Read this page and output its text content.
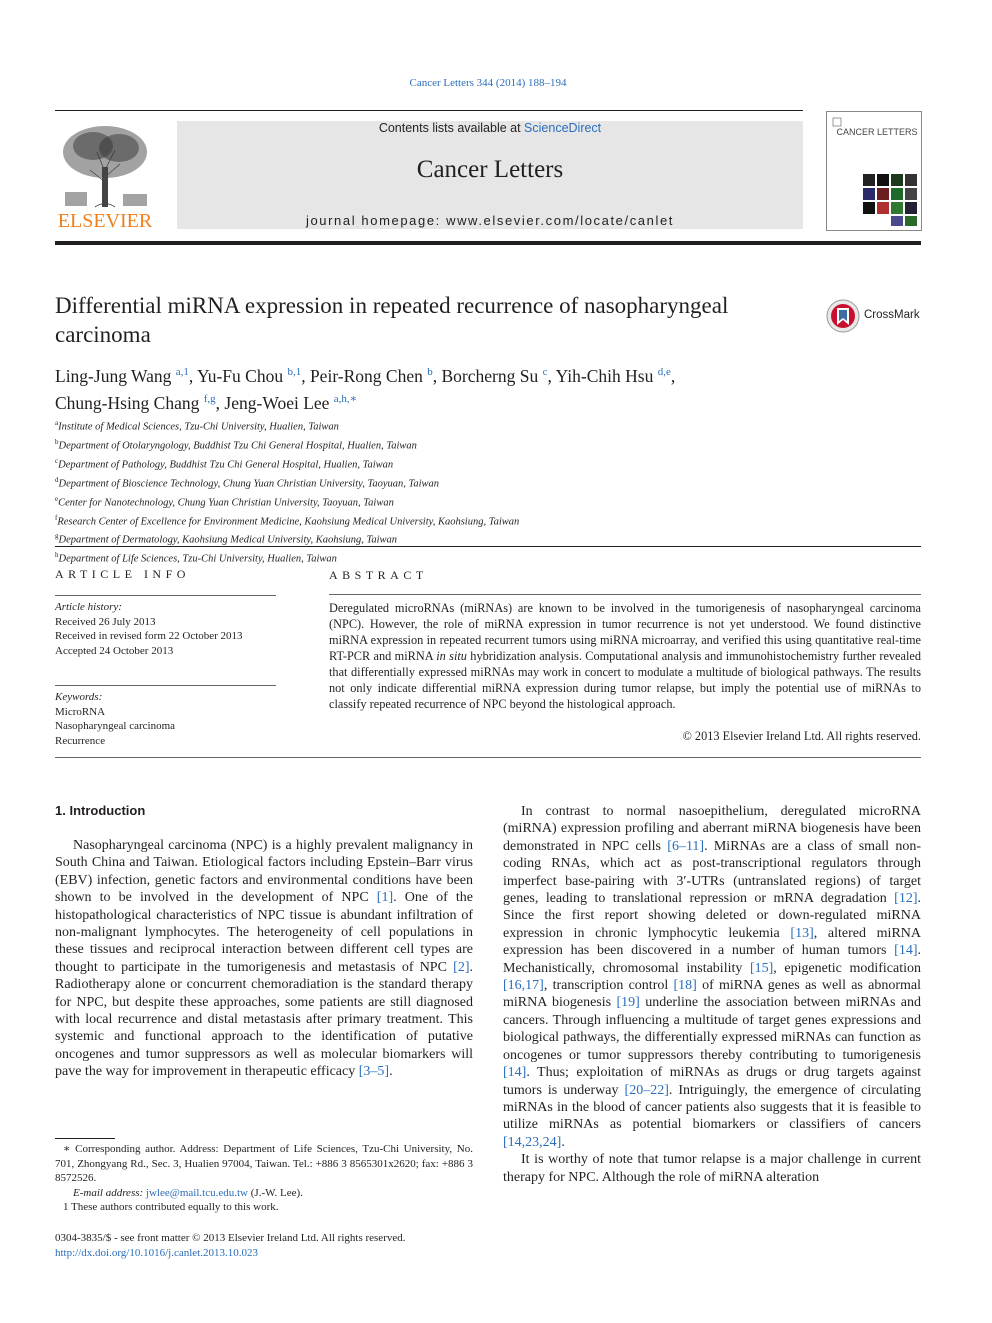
Cancer Letters 344 (2014) 188–194
ELSEVIER
Contents lists available at ScienceDirect
Cancer Letters
journal homepage: www.elsevier.com/locate/canlet
CANCER LETTERS
Differential miRNA expression in repeated recurrence of nasopharyngeal carcinoma
CrossMark
Ling-Jung Wang $^{a,1}$, Yu-Fu Chou $^{b,1}$, Peir-Rong Chen $^b$, Borcherng Su $^c$, Yih-Chih Hsu $^{d,e}$,
Chung-Hsing Chang $^{f,g}$, Jeng-Woei Lee $^{a,h,∗}$
$^a$Institute of Medical Sciences, Tzu-Chi University, Hualien, Taiwan
$^b$Department of Otolaryngology, Buddhist Tzu Chi General Hospital, Hualien, Taiwan
$^c$Department of Pathology, Buddhist Tzu Chi General Hospital, Hualien, Taiwan
$^d$Department of Bioscience Technology, Chung Yuan Christian University, Taoyuan, Taiwan
$^e$Center for Nanotechnology, Chung Yuan Christian University, Taoyuan, Taiwan
$^f$Research Center of Excellence for Environment Medicine, Kaohsiung Medical University, Kaohsiung, Taiwan
$^g$Department of Dermatology, Kaohsiung Medical University, Kaohsiung, Taiwan
$^h$Department of Life Sciences, Tzu-Chi University, Hualien, Taiwan
ARTICLE INFO
Article history:
Received 26 July 2013
Received in revised form 22 October 2013
Accepted 24 October 2013
Keywords:
MicroRNA
Nasopharyngeal carcinoma
Recurrence
ABSTRACT
Deregulated microRNAs (miRNAs) are known to be involved in the tumorigenesis of nasopharyngeal carcinoma (NPC). However, the role of miRNA expression in tumor recurrence is not yet understood. We found distinctive miRNA expression in repeated recurrent tumors using miRNA microarray, and verified this using quantitative real-time RT-PCR and miRNA in situ hybridization analysis. Computational analysis and immunohistochemistry further revealed that differentially expressed miRNAs may work in concert to modulate a multitude of biological pathways. The results not only indicate differential miRNA expression during tumor relapse, but imply the potential use of miRNAs to classify repeated recurrence of NPC beyond the histological approach.
© 2013 Elsevier Ireland Ltd. All rights reserved.
1. Introduction

Nasopharyngeal carcinoma (NPC) is a highly prevalent malignancy in South China and Taiwan. Etiological factors including Epstein–Barr virus (EBV) infection, genetic factors and environmental conditions have been shown to be involved in the development of NPC [1]. One of the histopathological characteristics of NPC tissue is abundant infiltration of non-malignant lymphocytes. The heterogeneity of cell populations in these tissues and reciprocal interaction between different cell types are thought to participate in the tumorigenesis and metastasis of NPC [2]. Radiotherapy alone or concurrent chemoradiation is the standard therapy for NPC, but despite these approaches, some patients are still diagnosed with local recurrence and distal metastasis after primary treatment. This systemic and functional approach to the identification of putative oncogenes and tumor suppressors as well as molecular biomarkers will pave the way for improvement in therapeutic efficacy [3–5].

In contrast to normal nasoepithelium, deregulated microRNA (miRNA) expression profiling and aberrant miRNA biogenesis have been demonstrated in NPC cells [6–11]. MiRNAs are a class of small non-coding RNAs, which act as post-transcriptional regulators through imperfect base-pairing with 3′-UTRs (untranslated regions) of target genes, leading to translational repression or mRNA degradation [12]. Since the first report showing deleted or down-regulated miRNA expression in chronic lymphocytic leukemia [13], altered miRNA expression has been discovered in a number of human tumors [14]. Mechanistically, chromosomal instability [15], epigenetic modification [16,17], transcription control [18] of miRNA genes as well as abnormal miRNA biogenesis [19] underline the association between miRNAs and cancers. Through influencing a multitude of target genes expressions and biological pathways, the differentially expressed miRNAs can function as oncogenes or tumor suppressors thereby contributing to tumorigenesis [14]. Thus; exploitation of miRNAs as drugs or drug targets against tumors is underway [20–22]. Intriguingly, the emergence of circulating miRNAs in the blood of cancer patients also suggests that it is feasible to utilize miRNAs as potential biomarkers or classifiers of cancers [14,23,24].

It is worthy of note that tumor relapse is a major challenge in current therapy for NPC. Although the role of miRNA alteration

∗ Corresponding author. Address: Department of Life Sciences, Tzu-Chi University, No. 701, Zhongyang Rd., Sec. 3, Hualien 97004, Taiwan. Tel.: +886 3 8565301x2620; fax: +886 3 8572526.
E-mail address: jwlee@mail.tcu.edu.tw (J.-W. Lee).
1 These authors contributed equally to this work.
0304-3835/$ - see front matter © 2013 Elsevier Ireland Ltd. All rights reserved.
http://dx.doi.org/10.1016/j.canlet.2013.10.023
